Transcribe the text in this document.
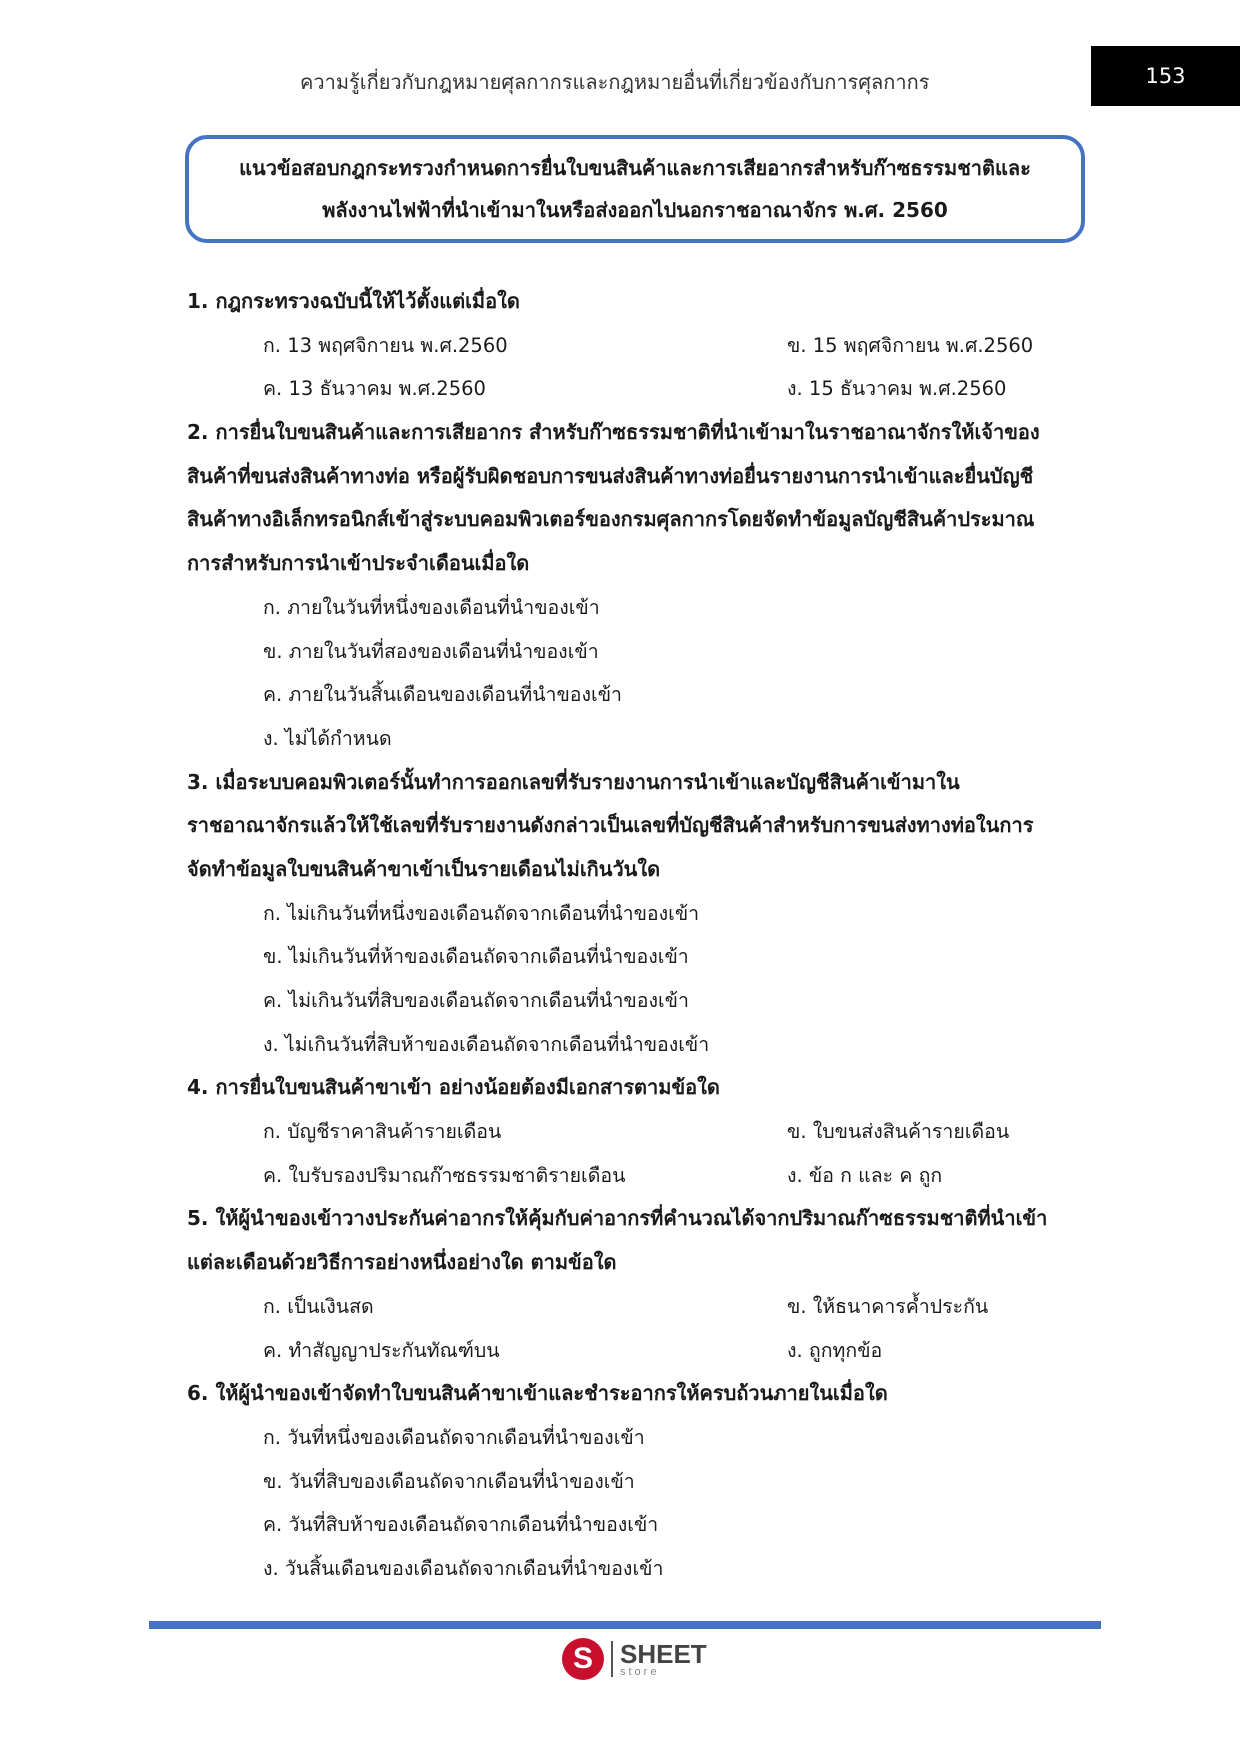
ความรู้เกี่ยวกับกฎหมายศุลกากรและกฎหมายอื่นที่เกี่ยวข้องกับการศุลกากร	153
แนวข้อสอบกฎกระทรวงกำหนดการยื่นใบขนสินค้าและการเสียอากรสำหรับก๊าซธรรมชาติและ
พลังงานไฟฟ้าที่นำเข้ามาในหรือส่งออกไปนอกราชอาณาจักร พ.ศ. 2560
1. กฎกระทรวงฉบับนี้ให้ไว้ตั้งแต่เมื่อใด
ก. 13 พฤศจิกายน พ.ศ.2560	ข. 15 พฤศจิกายน พ.ศ.2560
ค. 13 ธันวาคม พ.ศ.2560	ง. 15 ธันวาคม พ.ศ.2560
2. การยื่นใบขนสินค้าและการเสียอากร สำหรับก๊าซธรรมชาติที่นำเข้ามาในราชอาณาจักรให้เจ้าของ
สินค้าที่ขนส่งสินค้าทางท่อ หรือผู้รับผิดชอบการขนส่งสินค้าทางท่อยื่นรายงานการนำเข้าและยื่นบัญชี
สินค้าทางอิเล็กทรอนิกส์เข้าสู่ระบบคอมพิวเตอร์ของกรมศุลกากรโดยจัดทำข้อมูลบัญชีสินค้าประมาณ
การสำหรับการนำเข้าประจำเดือนเมื่อใด
ก. ภายในวันที่หนึ่งของเดือนที่นำของเข้า
ข. ภายในวันที่สองของเดือนที่นำของเข้า
ค. ภายในวันสิ้นเดือนของเดือนที่นำของเข้า
ง. ไม่ได้กำหนด
3. เมื่อระบบคอมพิวเตอร์นั้นทำการออกเลขที่รับรายงานการนำเข้าและบัญชีสินค้าเข้ามาใน
ราชอาณาจักรแล้วให้ใช้เลขที่รับรายงานดังกล่าวเป็นเลขที่บัญชีสินค้าสำหรับการขนส่งทางท่อในการ
จัดทำข้อมูลใบขนสินค้าขาเข้าเป็นรายเดือนไม่เกินวันใด
ก. ไม่เกินวันที่หนึ่งของเดือนถัดจากเดือนที่นำของเข้า
ข. ไม่เกินวันที่ห้าของเดือนถัดจากเดือนที่นำของเข้า
ค. ไม่เกินวันที่สิบของเดือนถัดจากเดือนที่นำของเข้า
ง. ไม่เกินวันที่สิบห้าของเดือนถัดจากเดือนที่นำของเข้า
4. การยื่นใบขนสินค้าขาเข้า อย่างน้อยต้องมีเอกสารตามข้อใด
ก. บัญชีราคาสินค้ารายเดือน	ข. ใบขนส่งสินค้ารายเดือน
ค. ใบรับรองปริมาณก๊าซธรรมชาติรายเดือน	ง. ข้อ ก และ ค ถูก
5. ให้ผู้นำของเข้าวางประกันค่าอากรให้คุ้มกับค่าอากรที่คำนวณได้จากปริมาณก๊าซธรรมชาติที่นำเข้า
แต่ละเดือนด้วยวิธีการอย่างหนึ่งอย่างใด ตามข้อใด
ก. เป็นเงินสด	ข. ให้ธนาคารค้ำประกัน
ค. ทำสัญญาประกันทัณฑ์บน	ง. ถูกทุกข้อ
6. ให้ผู้นำของเข้าจัดทำใบขนสินค้าขาเข้าและชำระอากรให้ครบถ้วนภายในเมื่อใด
ก. วันที่หนึ่งของเดือนถัดจากเดือนที่นำของเข้า
ข. วันที่สิบของเดือนถัดจากเดือนที่นำของเข้า
ค. วันที่สิบห้าของเดือนถัดจากเดือนที่นำของเข้า
ง. วันสิ้นเดือนของเดือนถัดจากเดือนที่นำของเข้า
S	SHEET
store
